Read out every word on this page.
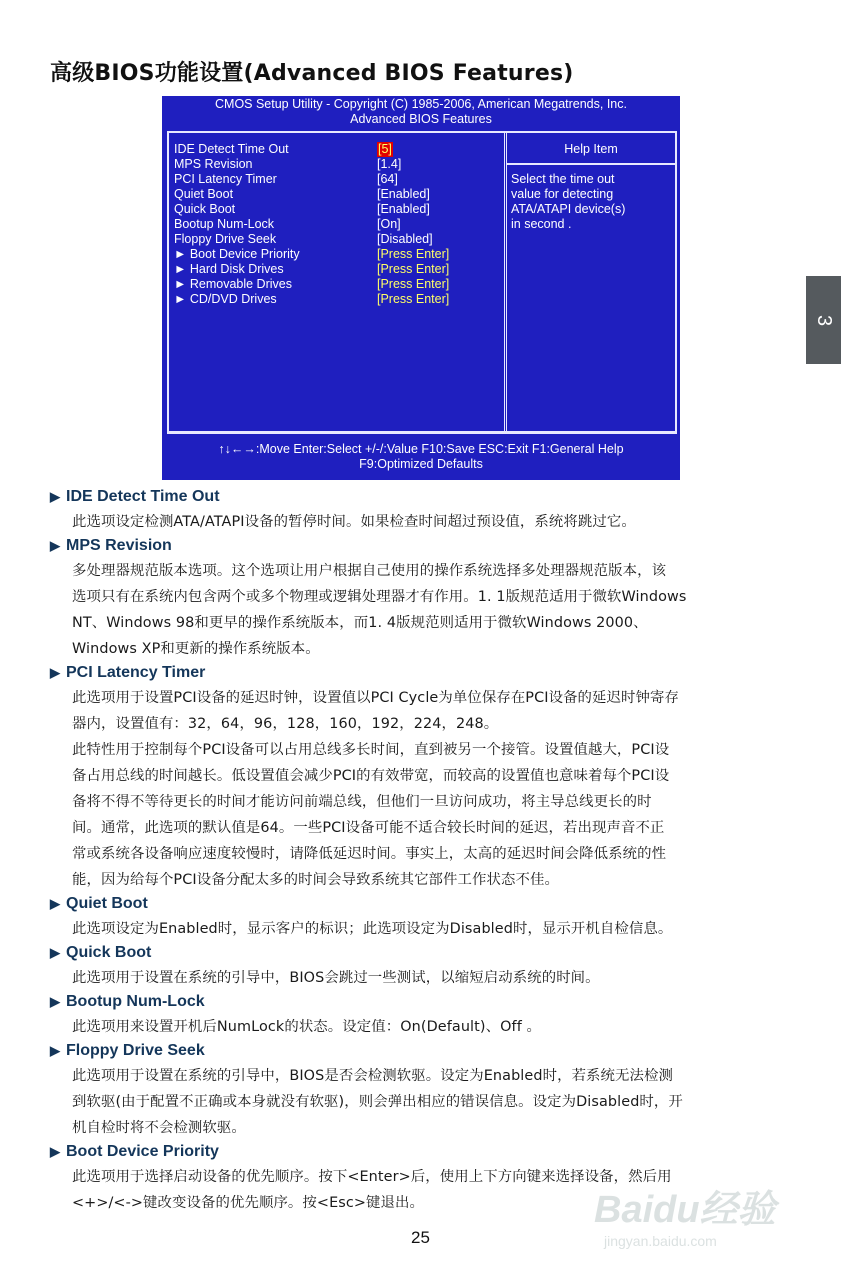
高级BIOS功能设置(Advanced BIOS Features)
3
CMOS Setup Utility - Copyright (C) 1985-2006, American Megatrends, Inc.
Advanced BIOS Features
Help Item
Select the time out
value for detecting
ATA/ATAPI device(s)
in second .
IDE Detect Time Out	[5]
MPS Revision	[1.4]
PCI Latency Timer	[64]
Quiet Boot	[Enabled]
Quick Boot	[Enabled]
Bootup Num-Lock	[On]
Floppy Drive Seek	[Disabled]
► Boot Device Priority	[Press Enter]
► Hard Disk Drives	[Press Enter]
► Removable Drives	[Press Enter]
► CD/DVD Drives	[Press Enter]
↑↓←→:Move Enter:Select +/-/:Value F10:Save ESC:Exit F1:General Help
F9:Optimized Defaults
▶ IDE Detect Time Out
此选项设定检测ATA/ATAPI设备的暂停时间。如果检查时间超过预设值，系统将跳过它。
▶ MPS Revision
多处理器规范版本选项。这个选项让用户根据自己使用的操作系统选择多处理器规范版本，该
选项只有在系统内包含两个或多个物理或逻辑处理器才有作用。1. 1版规范适用于微软Windows
NT、Windows 98和更早的操作系统版本，而1. 4版规范则适用于微软Windows 2000、
Windows XP和更新的操作系统版本。
▶ PCI Latency Timer
此选项用于设置PCI设备的延迟时钟，设置值以PCI Cycle为单位保存在PCI设备的延迟时钟寄存
器内，设置值有：32，64，96，128，160，192，224，248。
此特性用于控制每个PCI设备可以占用总线多长时间，直到被另一个接管。设置值越大，PCI设
备占用总线的时间越长。低设置值会减少PCI的有效带宽，而较高的设置值也意味着每个PCI设
备将不得不等待更长的时间才能访问前端总线，但他们一旦访问成功，将主导总线更长的时
间。通常，此选项的默认值是64。一些PCI设备可能不适合较长时间的延迟，若出现声音不正
常或系统各设备响应速度较慢时，请降低延迟时间。事实上，太高的延迟时间会降低系统的性
能，因为给每个PCI设备分配太多的时间会导致系统其它部件工作状态不佳。
▶ Quiet Boot
此选项设定为Enabled时，显示客户的标识；此选项设定为Disabled时，显示开机自检信息。
▶ Quick Boot
此选项用于设置在系统的引导中，BIOS会跳过一些测试，以缩短启动系统的时间。
▶ Bootup Num-Lock
此选项用来设置开机后NumLock的状态。设定值：On(Default)、Off 。
▶ Floppy Drive Seek
此选项用于设置在系统的引导中，BIOS是否会检测软驱。设定为Enabled时，若系统无法检测
到软驱(由于配置不正确或本身就没有软驱)，则会弹出相应的错误信息。设定为Disabled时，开
机自检时将不会检测软驱。
▶ Boot Device Priority
此选项用于选择启动设备的优先顺序。按下<Enter>后，使用上下方向键来选择设备，然后用
<+>/<->键改变设备的优先顺序。按<Esc>键退出。	Baidu经验
jingyan.baidu.com
25
